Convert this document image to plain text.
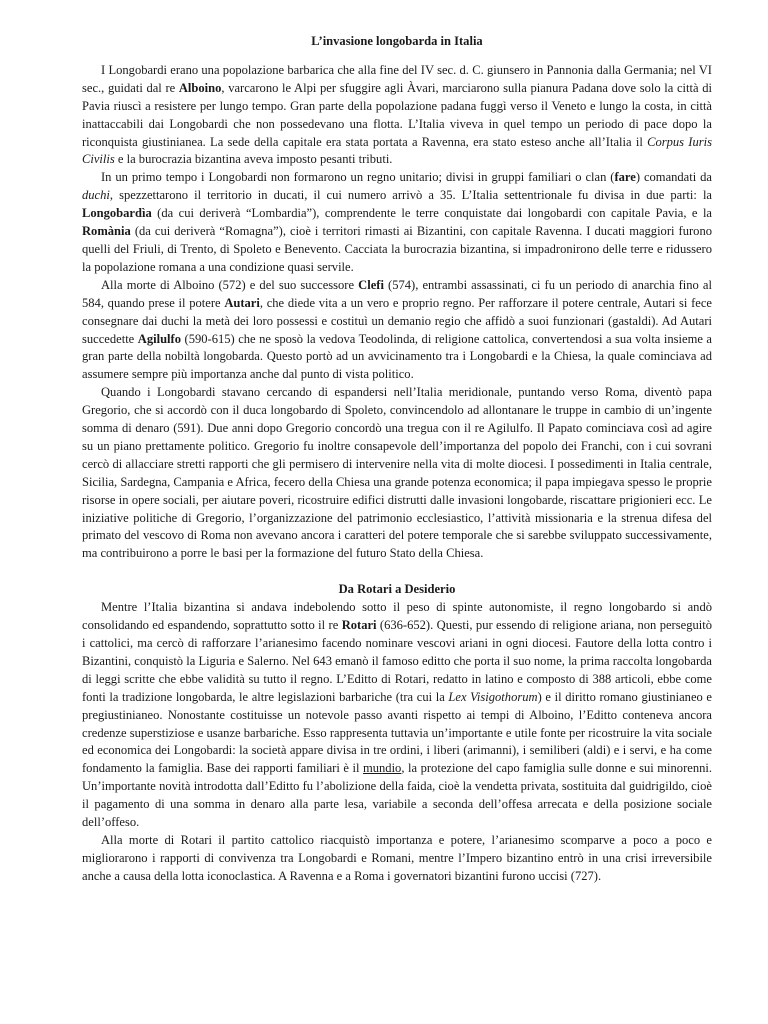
L’invasione longobarda in Italia

I Longobardi erano una popolazione barbarica che alla fine del IV sec. d. C. giunsero in Pannonia dalla Germania; nel VI sec., guidati dal re Alboino, varcarono le Alpi per sfuggire agli Àvari, marciarono sulla pianura Padana dove solo la città di Pavia riuscì a resistere per lungo tempo. Gran parte della popolazione padana fuggì verso il Veneto e lungo la costa, in città inattaccabili dai Longobardi che non possedevano una flotta. L’Italia viveva in quel tempo un periodo di pace dopo la riconquista giustinianea. La sede della capitale era stata portata a Ravenna, era stato esteso anche all’Italia il Corpus Iuris Civilis e la burocrazia bizantina aveva imposto pesanti tributi.

In un primo tempo i Longobardi non formarono un regno unitario; divisi in gruppi familiari o clan (fare) comandati da duchi, spezzettarono il territorio in ducati, il cui numero arrivò a 35. L’Italia settentrionale fu divisa in due parti: la Longobardìa (da cui deriverà “Lombardia”), comprendente le terre conquistate dai longobardi con capitale Pavia, e la Romània (da cui deriverà “Romagna”), cioè i territori rimasti ai Bizantini, con capitale Ravenna. I ducati maggiori furono quelli del Friuli, di Trento, di Spoleto e Benevento. Cacciata la burocrazia bizantina, si impadronirono delle terre e ridussero la popolazione romana a una condizione quasi servile.

Alla morte di Alboino (572) e del suo successore Clefi (574), entrambi assassinati, ci fu un periodo di anarchia fino al 584, quando prese il potere Autari, che diede vita a un vero e proprio regno. Per rafforzare il potere centrale, Autari si fece consegnare dai duchi la metà dei loro possessi e costituì un demanio regio che affidò a suoi funzionari (gastaldi). Ad Autari succedette Agilulfo (590-615) che ne sposò la vedova Teodolinda, di religione cattolica, convertendosi a sua volta insieme a gran parte della nobiltà longobarda. Questo portò ad un avvicinamento tra i Longobardi e la Chiesa, la quale cominciava ad assumere sempre più importanza anche dal punto di vista politico.

Quando i Longobardi stavano cercando di espandersi nell’Italia meridionale, puntando verso Roma, diventò papa Gregorio, che si accordò con il duca longobardo di Spoleto, convincendolo ad allontanare le truppe in cambio di un’ingente somma di denaro (591). Due anni dopo Gregorio concordò una tregua con il re Agilulfo. Il Papato cominciava così ad agire su un piano prettamente politico. Gregorio fu inoltre consapevole dell’importanza del popolo dei Franchi, con i cui sovrani cercò di allacciare stretti rapporti che gli permisero di intervenire nella vita di molte diocesi. I possedimenti in Italia centrale, Sicilia, Sardegna, Campania e Africa, fecero della Chiesa una grande potenza economica; il papa impiegava spesso le proprie risorse in opere sociali, per aiutare poveri, ricostruire edifici distrutti dalle invasioni longobarde, riscattare prigionieri ecc. Le iniziative politiche di Gregorio, l’organizzazione del patrimonio ecclesiastico, l’attività missionaria e la strenua difesa del primato del vescovo di Roma non avevano ancora i caratteri del potere temporale che si sarebbe sviluppato successivamente, ma contribuirono a porre le basi per la formazione del futuro Stato della Chiesa.

Da Rotari a Desiderio

Mentre l’Italia bizantina si andava indebolendo sotto il peso di spinte autonomiste, il regno longobardo si andò consolidando ed espandendo, soprattutto sotto il re Rotari (636-652). Questi, pur essendo di religione ariana, non perseguitò i cattolici, ma cercò di rafforzare l’arianesimo facendo nominare vescovi ariani in ogni diocesi. Fautore della lotta contro i Bizantini, conquistò la Liguria e Salerno. Nel 643 emanò il famoso editto che porta il suo nome, la prima raccolta longobarda di leggi scritte che ebbe validità su tutto il regno. L’Editto di Rotari, redatto in latino e composto di 388 articoli, ebbe come fonti la tradizione longobarda, le altre legislazioni barbariche (tra cui la Lex Visigothorum) e il diritto romano giustinianeo e pregiustinianeo. Nonostante costituisse un notevole passo avanti rispetto ai tempi di Alboino, l’Editto conteneva ancora credenze superstiziose e usanze barbariche. Esso rappresenta tuttavia un’importante e utile fonte per ricostruire la vita sociale ed economica dei Longobardi: la società appare divisa in tre ordini, i liberi (arimanni), i semiliberi (aldi) e i servi, e ha come fondamento la famiglia. Base dei rapporti familiari è il mundio, la protezione del capo famiglia sulle donne e sui minorenni. Un’importante novità introdotta dall’Editto fu l’abolizione della faida, cioè la vendetta privata, sostituita dal guidrigildo, cioè il pagamento di una somma in denaro alla parte lesa, variabile a seconda dell’offesa arrecata e della posizione sociale dell’offeso.

Alla morte di Rotari il partito cattolico riacquistò importanza e potere, l’arianesimo scomparve a poco a poco e migliorarono i rapporti di convivenza tra Longobardi e Romani, mentre l’Impero bizantino entrò in una crisi irreversibile anche a causa della lotta iconoclastica. A Ravenna e a Roma i governatori bizantini furono uccisi (727).
